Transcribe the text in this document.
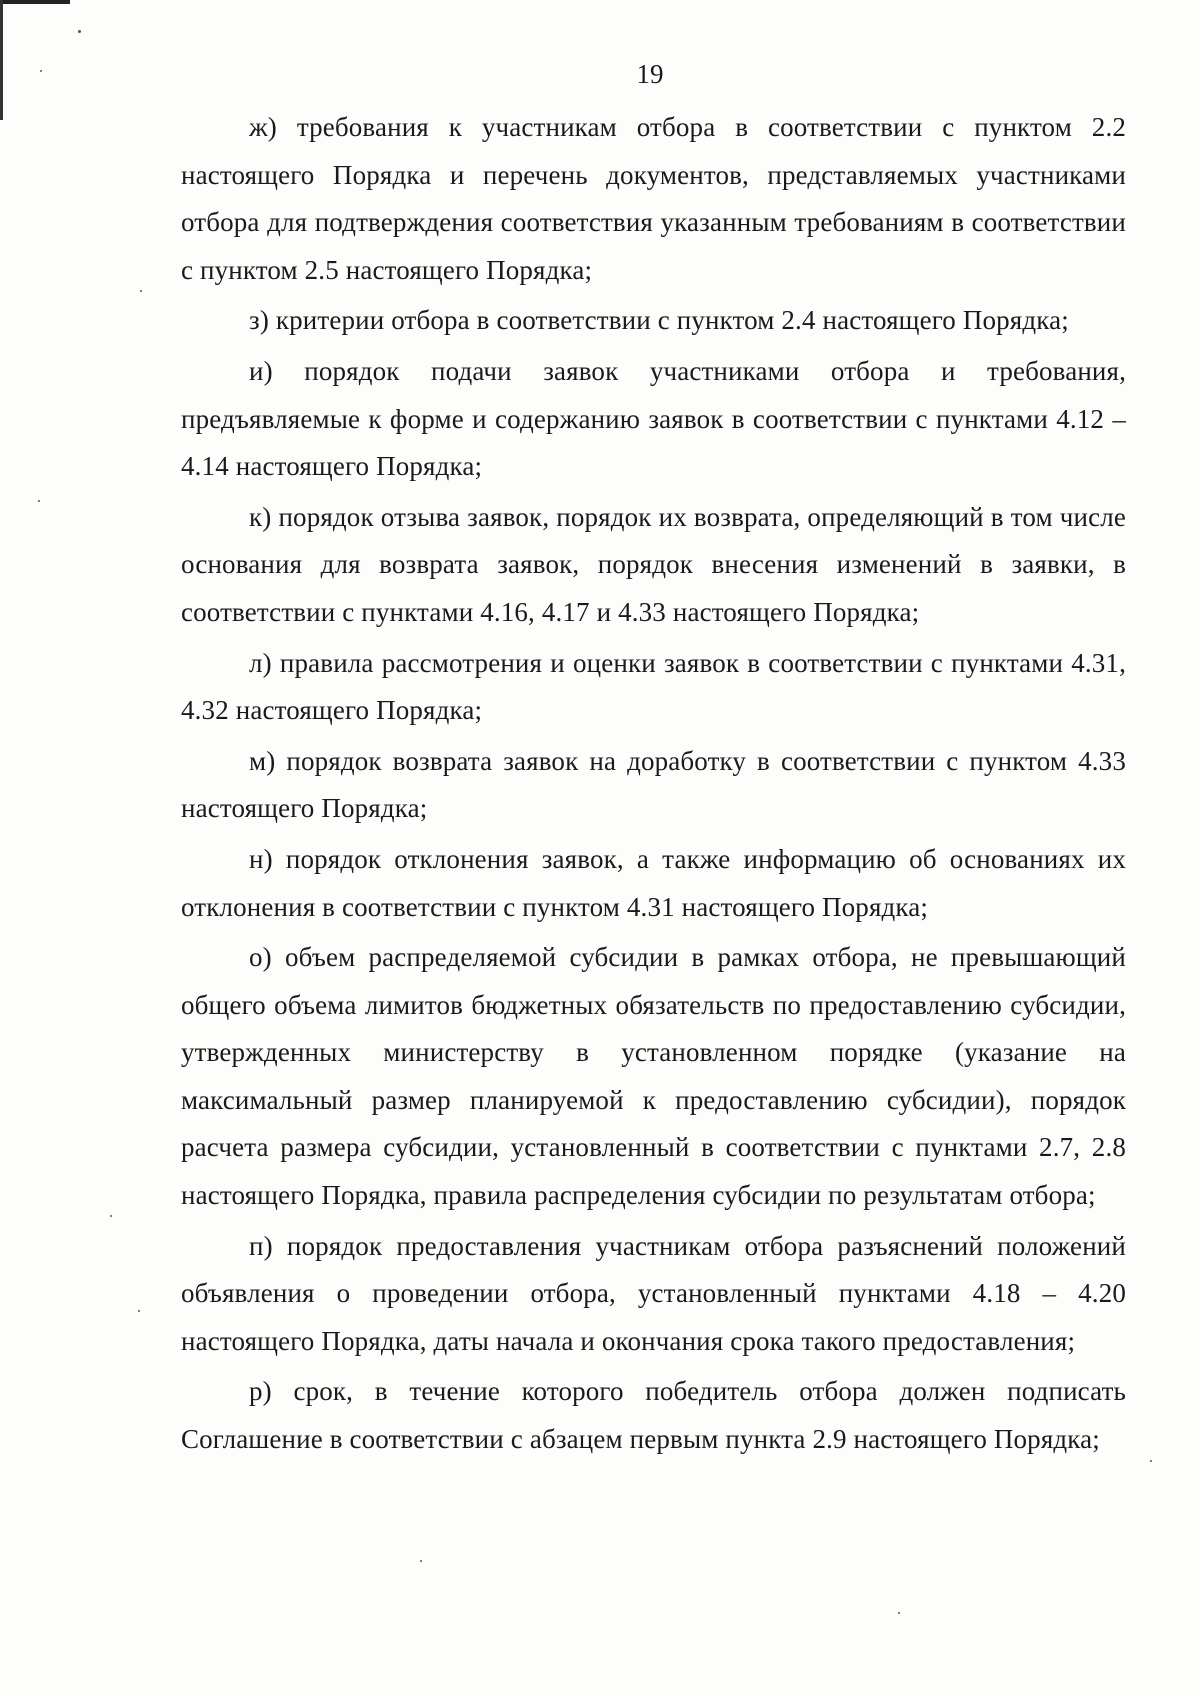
19

ж) требования к участникам отбора в соответствии с пунктом 2.2 настоящего Порядка и перечень документов, представляемых участниками отбора для подтверждения соответствия указанным требованиям в соответствии с пунктом 2.5 настоящего Порядка;

з) критерии отбора в соответствии с пунктом 2.4 настоящего Порядка;

и) порядок подачи заявок участниками отбора и требования, предъявляемые к форме и содержанию заявок в соответствии с пунктами 4.12 – 4.14 настоящего Порядка;

к) порядок отзыва заявок, порядок их возврата, определяющий в том числе основания для возврата заявок, порядок внесения изменений в заявки, в соответствии с пунктами 4.16, 4.17 и 4.33 настоящего Порядка;

л) правила рассмотрения и оценки заявок в соответствии с пунктами 4.31, 4.32 настоящего Порядка;

м) порядок возврата заявок на доработку в соответствии с пунктом 4.33 настоящего Порядка;

н) порядок отклонения заявок, а также информацию об основаниях их отклонения в соответствии с пунктом 4.31 настоящего Порядка;

о) объем распределяемой субсидии в рамках отбора, не превышающий общего объема лимитов бюджетных обязательств по предоставлению субсидии, утвержденных министерству в установленном порядке (указание на максимальный размер планируемой к предоставлению субсидии), порядок расчета размера субсидии, установленный в соответствии с пунктами 2.7, 2.8 настоящего Порядка, правила распределения субсидии по результатам отбора;

п) порядок предоставления участникам отбора разъяснений положений объявления о проведении отбора, установленный пунктами 4.18 – 4.20 настоящего Порядка, даты начала и окончания срока такого предоставления;

р) срок, в течение которого победитель отбора должен подписать Соглашение в соответствии с абзацем первым пункта 2.9 настоящего Порядка;
